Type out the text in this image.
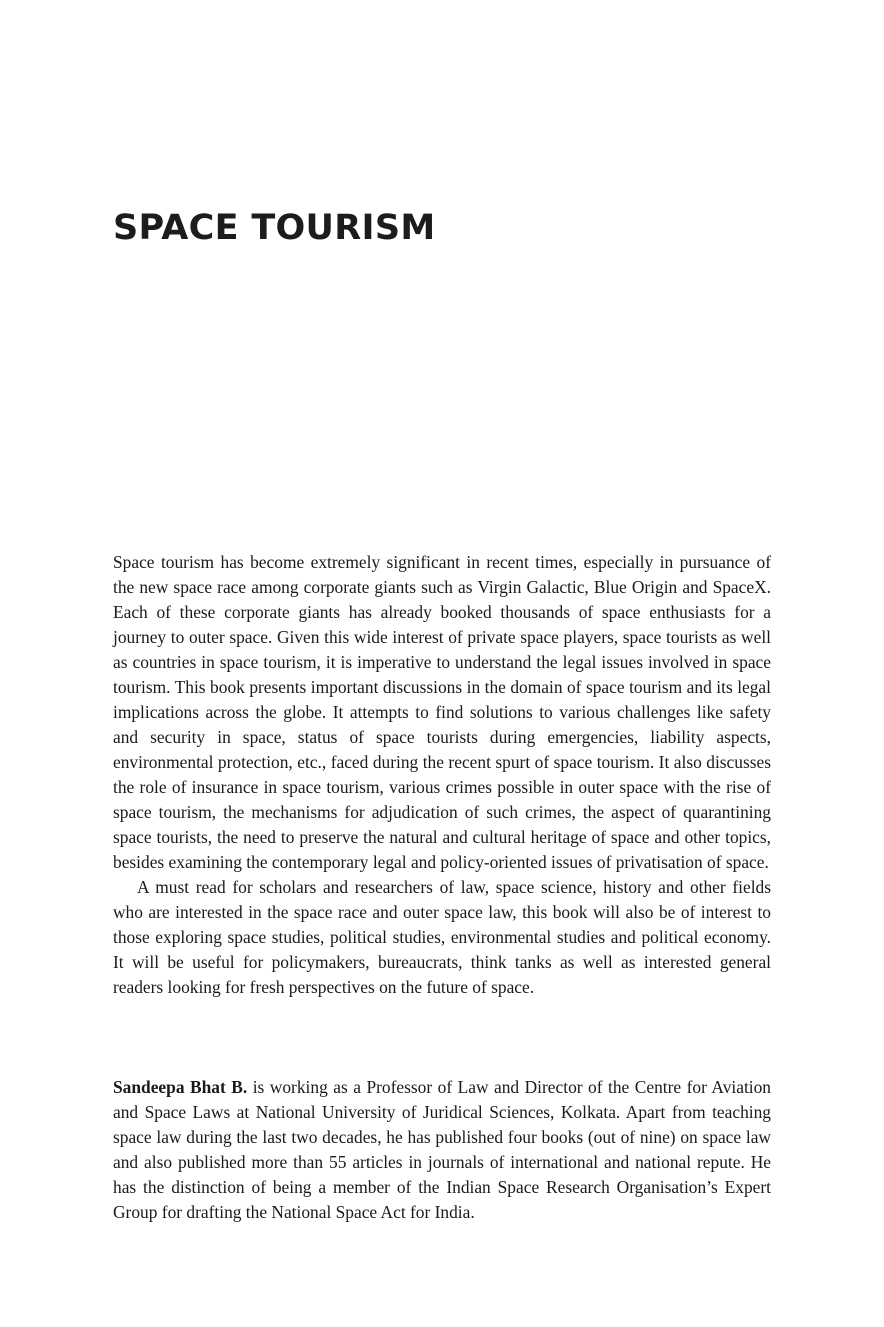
SPACE TOURISM

Space tourism has become extremely significant in recent times, especially in pursuance of the new space race among corporate giants such as Virgin Galactic, Blue Origin and SpaceX. Each of these corporate giants has already booked thousands of space enthusiasts for a journey to outer space. Given this wide interest of private space players, space tourists as well as countries in space tourism, it is imperative to understand the legal issues involved in space tourism. This book presents important discussions in the domain of space tourism and its legal implications across the globe. It attempts to find solutions to various challenges like safety and security in space, status of space tourists during emergencies, liability aspects, environmental protection, etc., faced during the recent spurt of space tourism. It also discusses the role of insurance in space tourism, various crimes possible in outer space with the rise of space tourism, the mechanisms for adjudication of such crimes, the aspect of quarantining space tourists, the need to preserve the natural and cultural heritage of space and other topics, besides examining the contemporary legal and policy-oriented issues of privatisation of space.

A must read for scholars and researchers of law, space science, history and other fields who are interested in the space race and outer space law, this book will also be of interest to those exploring space studies, political studies, environmental studies and political economy. It will be useful for policymakers, bureaucrats, think tanks as well as interested general readers looking for fresh perspectives on the future of space.

Sandeepa Bhat B. is working as a Professor of Law and Director of the Centre for Aviation and Space Laws at National University of Juridical Sciences, Kolkata. Apart from teaching space law during the last two decades, he has published four books (out of nine) on space law and also published more than 55 articles in journals of international and national repute. He has the distinction of being a member of the Indian Space Research Organisation’s Expert Group for drafting the National Space Act for India.
